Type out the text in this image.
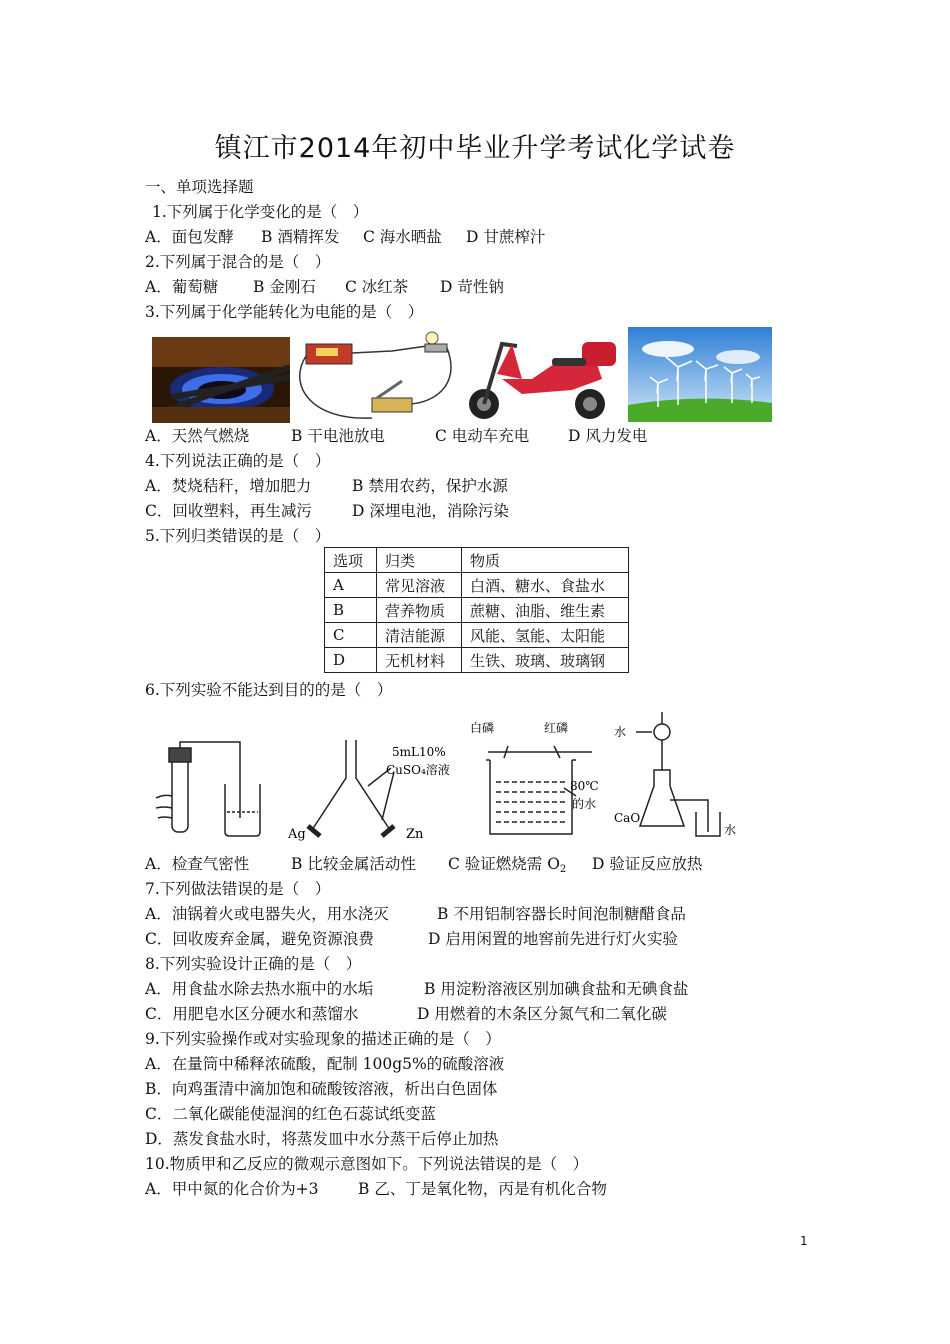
镇江市2014年初中毕业升学考试化学试卷
一、单项选择题
1.下列属于化学变化的是（　）
A．面包发酵 B 酒精挥发 C 海水晒盐 D 甘蔗榨汁
2.下列属于混合的是（　）
A．葡萄糖 B 金刚石 C 冰红茶 D 苛性钠
3.下列属于化学能转化为电能的是（　）
A．天然气燃烧	B 干电池放电	C 电动车充电 D 风力发电
4.下列说法正确的是（　）
A．焚烧秸秆，增加肥力	B 禁用农药，保护水源
C．回收塑料，再生减污	D 深埋电池，消除污染
5.下列归类错误的是（　）
选项	归类	物质
A	常见溶液	白酒、糖水、食盐水
B	营养物质	蔗糖、油脂、维生素
C	清洁能源	风能、氢能、太阳能
D	无机材料	生铁、玻璃、玻璃钢
6.下列实验不能达到目的的是（　）
5mL10%
CuSO₄溶液
Ag	Zn
白磷	红磷
80℃
的水
水
CaO
水
A．检查气密性	B 比较金属活动性 C 验证燃烧需 $O_2$ D 验证反应放热
7.下列做法错误的是（　）
A．油锅着火或电器失火，用水浇灭	B 不用铝制容器长时间泡制糖醋食品
C．回收废弃金属，避免资源浪费	D 启用闲置的地窖前先进行灯火实验
8.下列实验设计正确的是（　）
A．用食盐水除去热水瓶中的水垢	B 用淀粉溶液区别加碘食盐和无碘食盐
C．用肥皂水区分硬水和蒸馏水	D 用燃着的木条区分氮气和二氧化碳
9.下列实验操作或对实验现象的描述正确的是（　）
A．在量筒中稀释浓硫酸，配制 100g5%的硫酸溶液
B．向鸡蛋清中滴加饱和硫酸铵溶液，析出白色固体
C．二氧化碳能使湿润的红色石蕊试纸变蓝
D．蒸发食盐水时，将蒸发皿中水分蒸干后停止加热
10.物质甲和乙反应的微观示意图如下。下列说法错误的是（　）
A．甲中氮的化合价为+3	B 乙、丁是氧化物，丙是有机化合物
1
